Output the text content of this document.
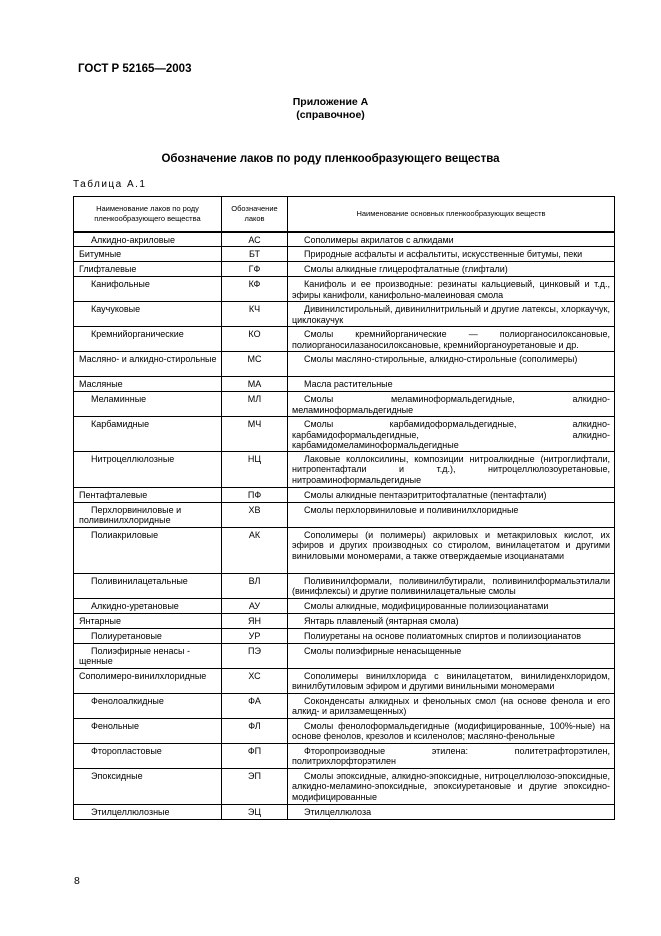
ГОСТ Р 52165—2003
Приложение А
(справочное)
Обозначение лаков по роду пленкообразующего вещества
Таблица А.1
Наименование лаков по роду пленкообразующего вещества	Обозначение лаков	Наименование основных пленкообразующих веществ
Алкидно-акриловые	АС	Сополимеры акрилатов с алкидами
Битумные	БТ	Природные асфальты и асфальтиты, искусственные битумы, пеки
Глифталевые	ГФ	Смолы алкидные глицерофталатные (глифтали)
Канифольные	КФ	Канифоль и ее производные: резинаты кальциевый, цинковый и т.д., эфиры канифоли, канифольно-малеиновая смола
Каучуковые	КЧ	Дивинилстирольный, дивинилнитрильный и другие латексы, хлоркаучук, циклокаучук
Кремнийорганические	КО	Смолы кремнийорганические — полиорганосилоксановые, полиорганосилазаносилоксановые, кремнийорганоуретановые и др.
Масляно- и алкидно-стирольные	МС	Смолы масляно-стирольные, алкидно-стирольные (сополимеры)
Масляные	МА	Масла растительные
Меламинные	МЛ	Смолы меламиноформальдегидные, алкидно-меламиноформальдегидные
Карбамидные	МЧ	Смолы карбамидоформальдегидные, алкидно-карбамидоформальдегидные, алкидно-карбамидомеламиноформальдегидные
Нитроцеллюлозные	НЦ	Лаковые коллоксилины, композиции нитроалкидные (нитроглифтали, нитропентафтали и т.д.), нитроцеллюлозоуретановые, нитроаминоформальдегидные
Пентафталевые	ПФ	Смолы алкидные пентаэритритофталатные (пентафтали)
Перхлорвиниловые и поливинилхлоридные	ХВ	Смолы перхлорвиниловые и поливинилхлоридные
Полиакриловые	АК	Сополимеры (и полимеры) акриловых и метакриловых кислот, их эфиров и других производных со стиролом, винилацетатом и другими виниловыми мономерами, а также отверждаемые изоцианатами
Поливинилацетальные	ВЛ	Поливинилформали, поливинилбутирали, поливинилформальэтилали (винифлексы) и другие поливинилацетальные смолы
Алкидно-уретановые	АУ	Смолы алкидные, модифицированные полиизоцианатами
Янтарные	ЯН	Янтарь плавленый (янтарная смола)
Полиуретановые	УР	Полиуретаны на основе полиатомных спиртов и полиизоцианатов
Полиэфирные ненасы - щенные	ПЭ	Смолы полиэфирные ненасыщенные
Сополимеро-винилхлоридные	ХС	Сополимеры винилхлорида с винилацетатом, винилиденхлоридом, винилбутиловым эфиром и другими винильными мономерами
Фенолоалкидные	ФА	Соконденсаты алкидных и фенольных смол (на основе фенола и его алкид- и арилзамещенных)
Фенольные	ФЛ	Смолы фенолоформальдегидные (модифицированные, 100%-ные) на основе фенолов, крезолов и ксиленолов; масляно-фенольные
Фторопластовые	ФП	Фторопроизводные этилена: политетрафторэтилен, политрихлорфторэтилен
Эпоксидные	ЭП	Смолы эпоксидные, алкидно-эпоксидные, нитроцеллюлозо-эпоксидные, алкидно-меламино-эпоксидные, эпоксиуретановые и другие эпоксидно-модифицированные
Этилцеллюлозные	ЭЦ	Этилцеллюлоза
8
